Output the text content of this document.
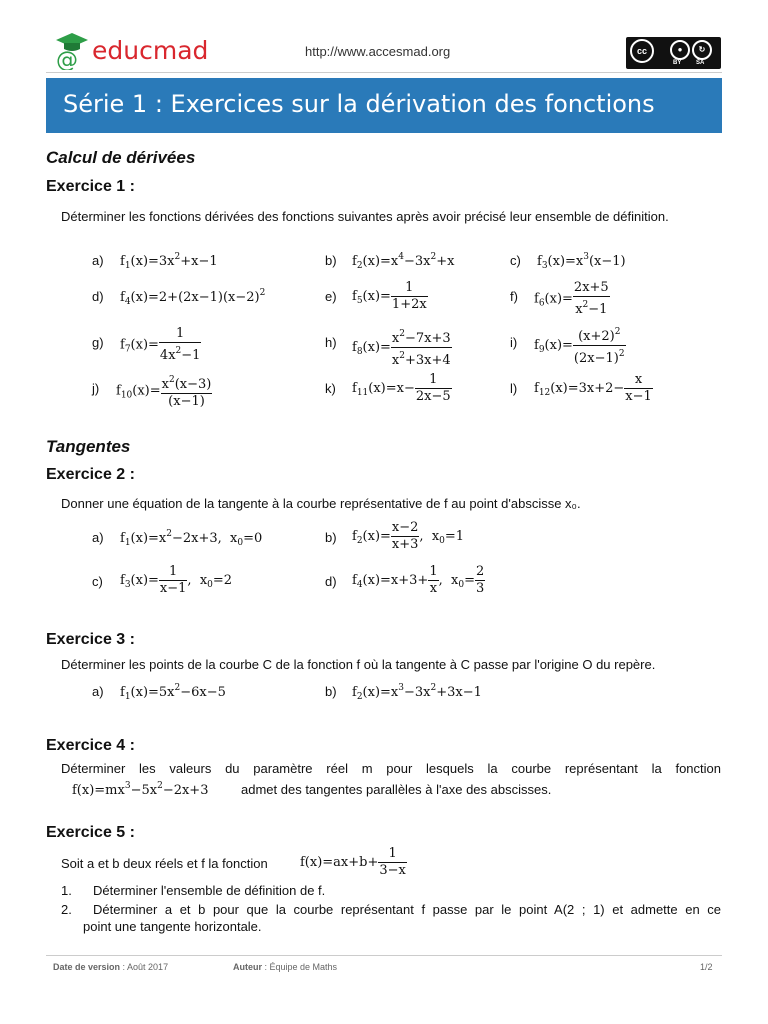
@ educmad	http://www.accesmad.org	cc	●	↻
BY SA
Série 1 : Exercices sur la dérivation des fonctions
Calcul de dérivées
Exercice 1 :
Déterminer les fonctions dérivées des fonctions suivantes après avoir précisé leur ensemble de définition.
a) $f_1(x)=3x^2+x-1$	b) $f_2(x)=x^4-3x^2+x$	c) $f_3(x)=x^3(x-1)$
d) $f_4(x)=2+(2x-1)(x-2)^2$	e) $f_5(x)= \frac{1}{1+2x}$	f) $f_6(x)= \frac{2x+5}{x^2-1}$
g) $f_7(x)= \frac{1}{4x^2-1}$	h) $f_8(x)= \frac{x^2-7x+3}{x^2+3x+4}$	i) $f_9(x)= \frac{(x+2)^2}{(2x-1)^2}$
j) $f_{10}(x)= \frac{x^2(x-3)}{(x-1)}$	k) $f_{11}(x)=x- \frac{1}{2x-5}$	l) $f_{12}(x)=3x+2- \frac{x}{x-1}$
Tangentes
Exercice 2 :
Donner une équation de la tangente à la courbe représentative de f au point d'abscisse x₀.
a) $f_1(x)=x^2-2x+3$,  $x_0=0$	b) $f_2(x)= \frac{x-2}{x+3}$ ,  $x_0=1$
c) $f_3(x)= \frac{1}{x-1}$ ,  $x_0=2$	d) $f_4(x)=x+3+ \frac{1}{x}$ ,  $x_0= \frac{2}{3}$
Exercice 3 :
Déterminer les points de la courbe C de la fonction f où la tangente à C passe par l'origine O du repère.
a) $f_1(x)=5x^2-6x-5$	b) $f_2(x)=x^3-3x^2+3x-1$
Exercice 4 :
Déterminer les valeurs du paramètre réel m pour lesquels la courbe représentant la fonction
$f(x)=mx^3-5x^2-2x+3$	admet des tangentes parallèles à l'axe des abscisses.
Exercice 5 :
Soit a et b deux réels et f la fonction $f(x)=ax+b+ \frac{1}{3-x}$
1. Déterminer l'ensemble de définition de f.
2. Déterminer a et b pour que la courbe représentant f passe par le point A(2 ; 1) et admette en ce
point une tangente horizontale.
Date de version : Août 2017	Auteur : Équipe de Maths	1/2
